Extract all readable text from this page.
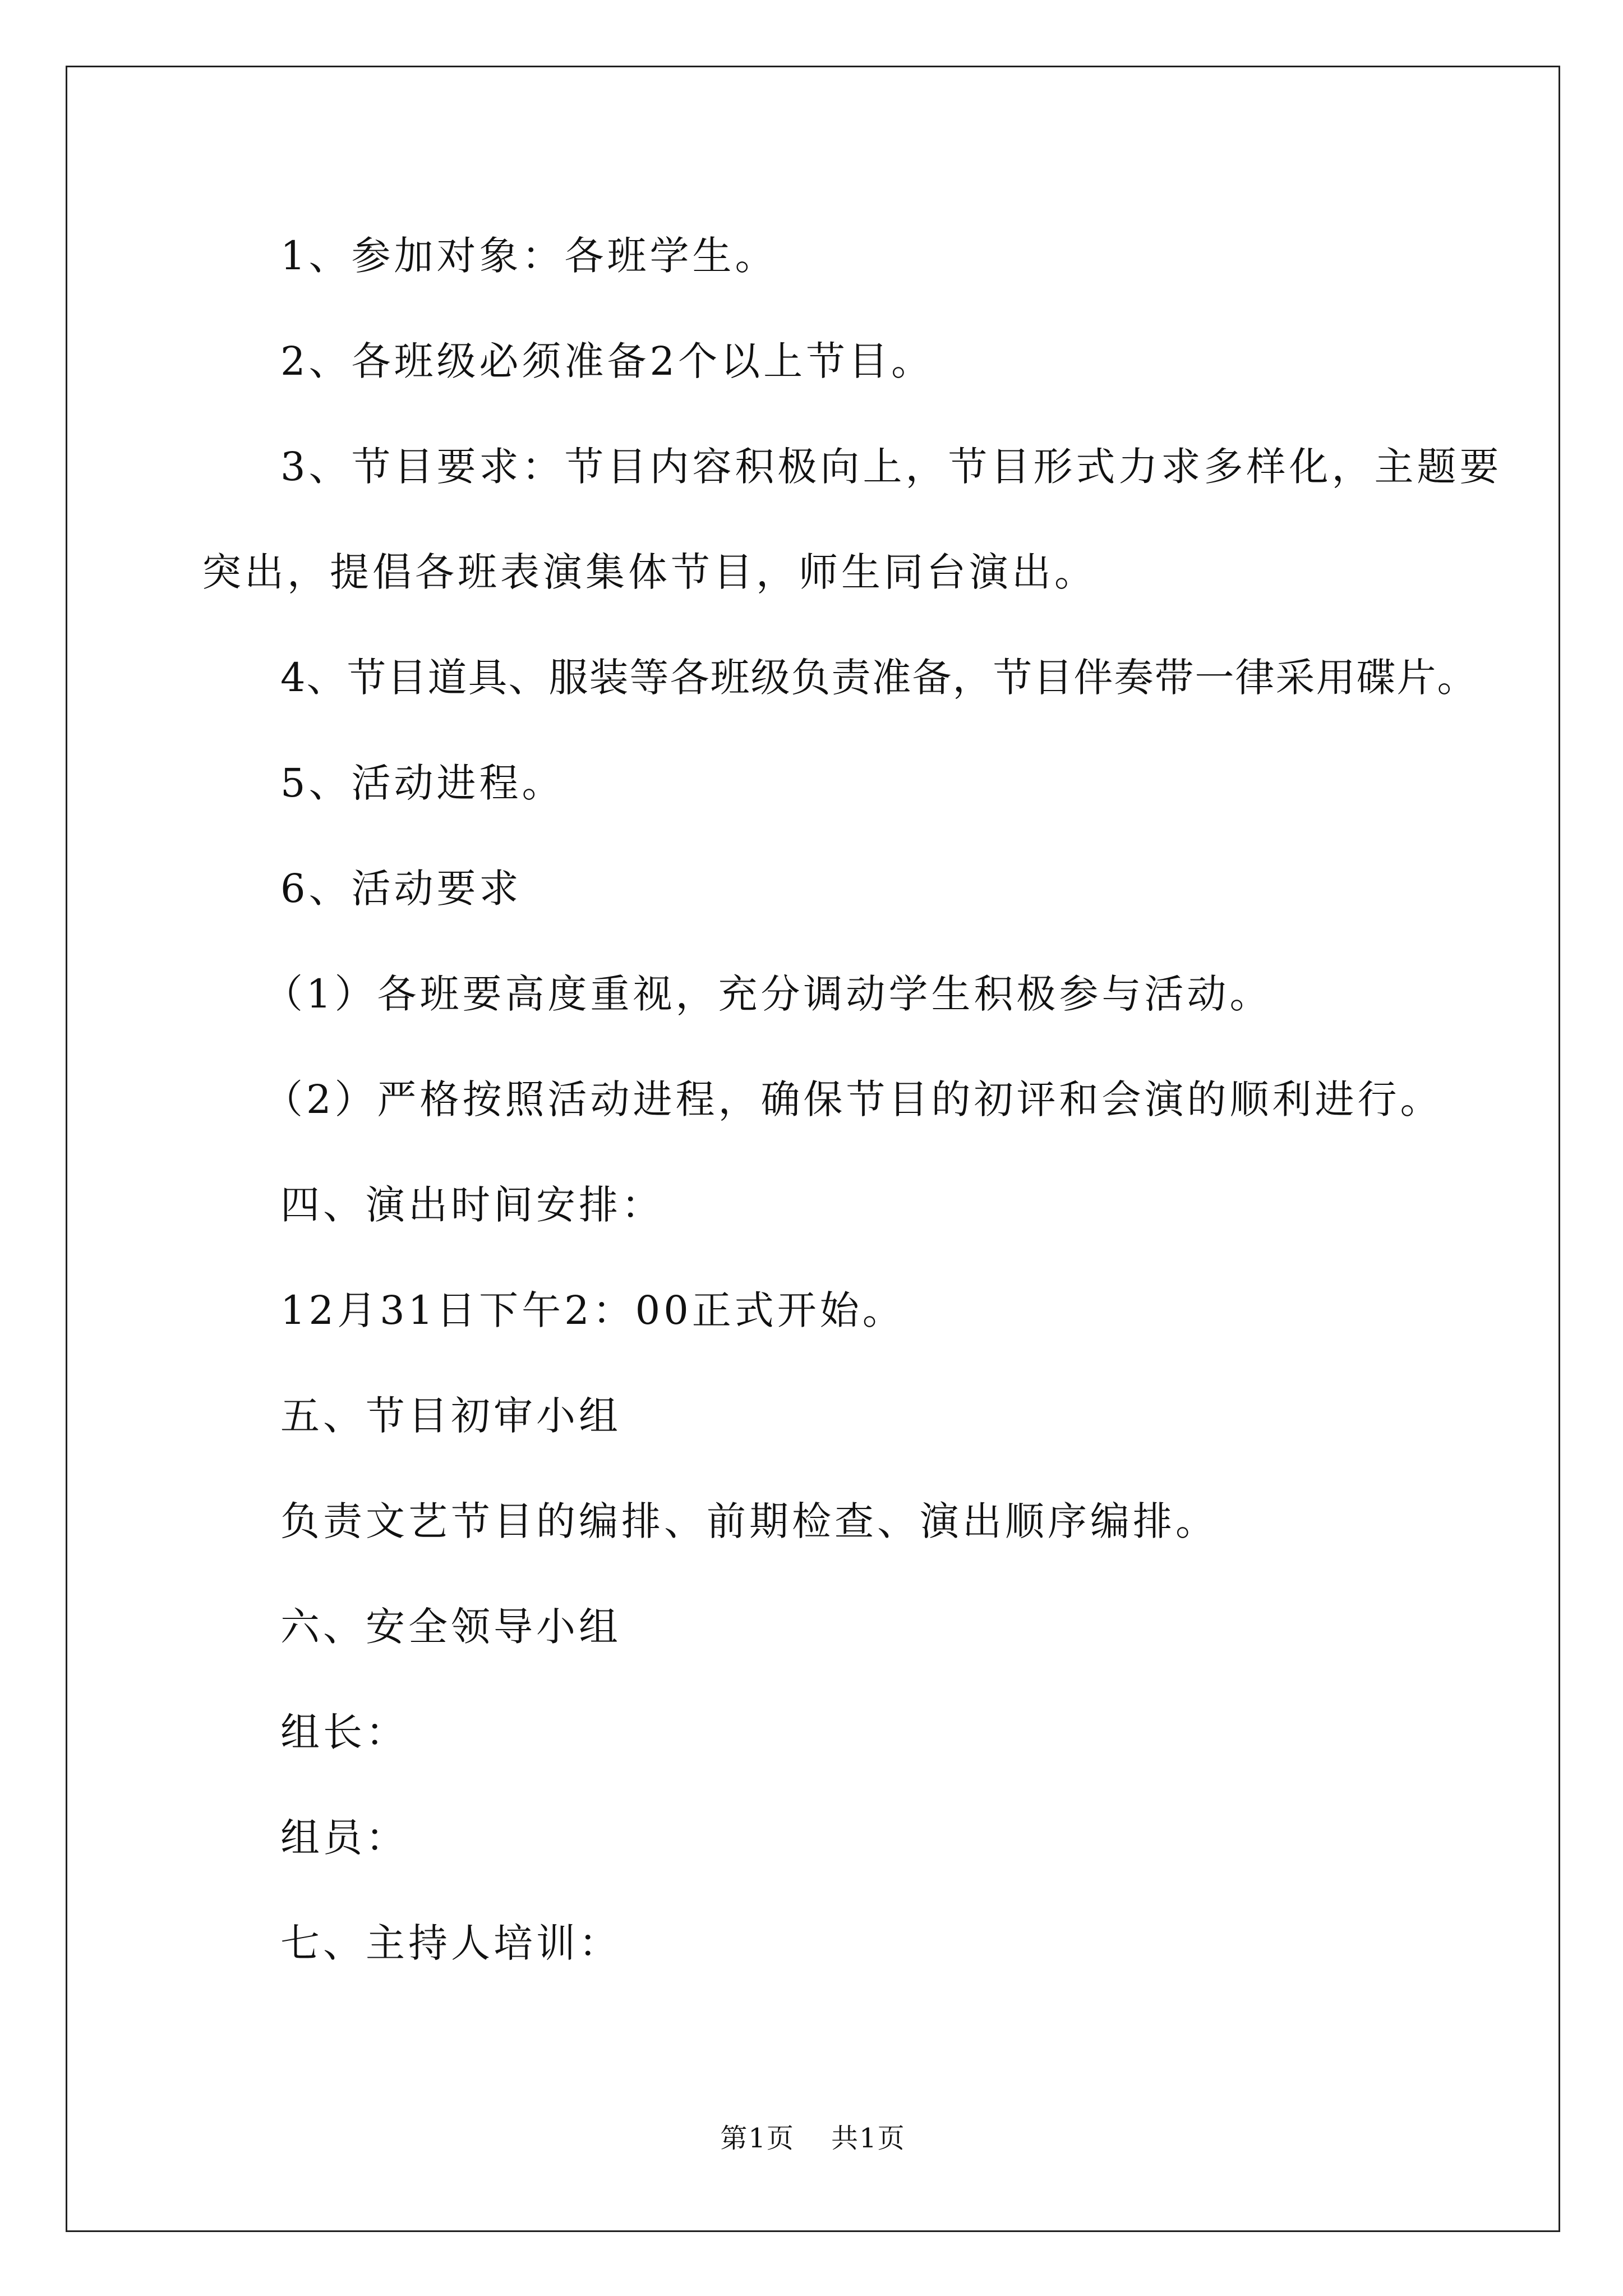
1、参加对象：各班学生。
2、各班级必须准备2个以上节目。
3、节目要求：节目内容积极向上，节目形式力求多样化，主题要
突出，提倡各班表演集体节目，师生同台演出。
4、节目道具、服装等各班级负责准备，节目伴奏带一律采用碟片。
5、活动进程。
6、活动要求
（1）各班要高度重视，充分调动学生积极参与活动。
（2）严格按照活动进程，确保节目的初评和会演的顺利进行。
四、演出时间安排：
12月31日下午2：00正式开始。
五、节目初审小组
负责文艺节目的编排、前期检查、演出顺序编排。
六、安全领导小组
组长：
组员：
七、主持人培训：
第1页 共1页
